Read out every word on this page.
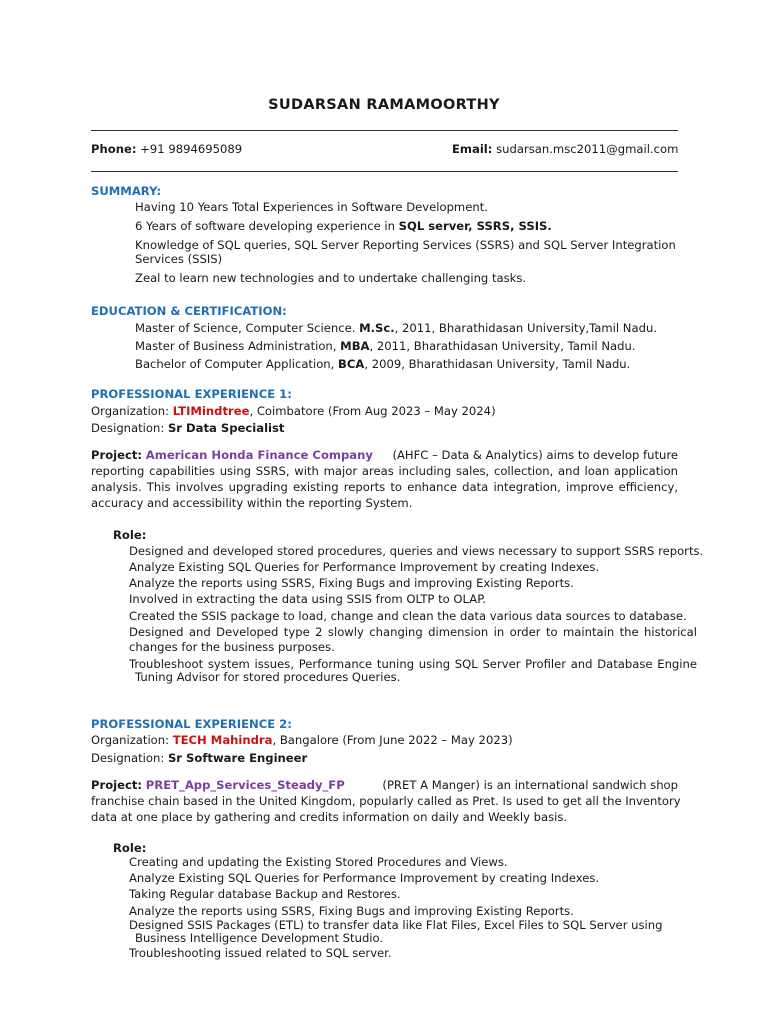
SUDARSAN RAMAMOORTHY
Phone: +91 9894695089	Email: sudarsan.msc2011@gmail.com
SUMMARY:
Having 10 Years Total Experiences in Software Development.
6 Years of software developing experience in SQL server, SSRS, SSIS.
Knowledge of SQL queries, SQL Server Reporting Services (SSRS) and SQL Server Integration
Services (SSIS)
Zeal to learn new technologies and to undertake challenging tasks.
EDUCATION & CERTIFICATION:
Master of Science, Computer Science. M.Sc., 2011, Bharathidasan University,Tamil Nadu.
Master of Business Administration, MBA, 2011, Bharathidasan University, Tamil Nadu.
Bachelor of Computer Application, BCA, 2009, Bharathidasan University, Tamil Nadu.
PROFESSIONAL EXPERIENCE 1:
Organization: LTIMindtree, Coimbatore (From Aug 2023 – May 2024)
Designation: Sr Data Specialist
Project: American Honda Finance Company (AHFC – Data & Analytics) aims to develop future
reporting capabilities using SSRS, with major areas including sales, collection, and loan application
analysis. This involves upgrading existing reports to enhance data integration, improve efficiency,
accuracy and accessibility within the reporting System.
Role:
Designed and developed stored procedures, queries and views necessary to support SSRS reports.
Analyze Existing SQL Queries for Performance Improvement by creating Indexes.
Analyze the reports using SSRS, Fixing Bugs and improving Existing Reports.
Involved in extracting the data using SSIS from OLTP to OLAP.
Created the SSIS package to load, change and clean the data various data sources to database.
Designed and Developed type 2 slowly changing dimension in order to maintain the historical
changes for the business purposes.
Troubleshoot system issues, Performance tuning using SQL Server Profiler and Database Engine
Tuning Advisor for stored procedures Queries.
PROFESSIONAL EXPERIENCE 2:
Organization: TECH Mahindra, Bangalore (From June 2022 – May 2023)
Designation: Sr Software Engineer
Project: PRET_App_Services_Steady_FP	(PRET A Manger) is an international sandwich shop
franchise chain based in the United Kingdom, popularly called as Pret. Is used to get all the Inventory
data at one place by gathering and credits information on daily and Weekly basis.
Role:
Creating and updating the Existing Stored Procedures and Views.
Analyze Existing SQL Queries for Performance Improvement by creating Indexes.
Taking Regular database Backup and Restores.
Analyze the reports using SSRS, Fixing Bugs and improving Existing Reports.
Designed SSIS Packages (ETL) to transfer data like Flat Files, Excel Files to SQL Server using
Business Intelligence Development Studio.
Troubleshooting issued related to SQL server.
